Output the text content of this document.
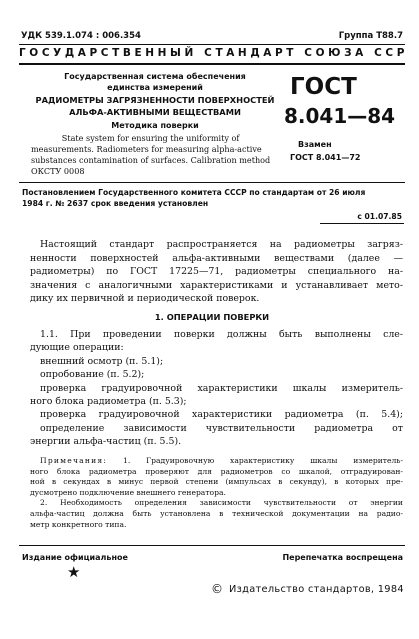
УДК 539.1.074 : 006.354	Группа Т88.7
ГОСУДАРСТВЕННЫЙ СТАНДАРТ СОЮЗА ССР
Государственная система обеспечения
единства измерений
РАДИОМЕТРЫ ЗАГРЯЗНЕННОСТИ ПОВЕРХНОСТЕЙ
АЛЬФА-АКТИВНЫМИ ВЕЩЕСТВАМИ
Методика поверки
State system for ensuring the uniformity of
measurements. Radiometers for measuring alpha-active
substances contamination of surfaces. Calibration method
ОКСТУ 0008
ГОСТ
8.041—84
Взамен
ГОСТ 8.041—72
Постановлением Государственного комитета СССР по стандартам от 26 июля
1984 г. № 2637 срок введения установлен
с 01.07.85
Настоящий стандарт распространяется на радиометры загряз-
ненности поверхностей альфа-активными веществами (далее —
радиометры) по ГОСТ 17225—71, радиометры специального на-
значения с аналогичными характеристиками и устанавливает мето-
дику их первичной и периодической поверок.
1. ОПЕРАЦИИ ПОВЕРКИ
1.1. При проведении поверки должны быть выполнены сле-
дующие операции:
внешний осмотр (п. 5.1);
опробование (п. 5.2);
проверка градуировочной характеристики шкалы измеритель-
ного блока радиометра (п. 5.3);
проверка градуировочной характеристики радиометра (п. 5.4);
определение зависимости чувствительности радиометра от
энергии альфа-частиц (п. 5.5).
Примечания: 1. Градуировочную характеристику шкалы измеритель-
ного блока радиометра проверяют для радиометров со шкалой, отградуирован-
ной в секундах в минус первой степени (импульсах в секунду), в которых пре-
дусмотрено подключение внешнего генератора.
2. Необходимость определения зависимости чувствительности от энергии
альфа-частиц должна быть установлена в технической документации на радио-
метр конкретного типа.
Издание официальное	Перепечатка воспрещена
★
© Издательство стандартов, 1984
